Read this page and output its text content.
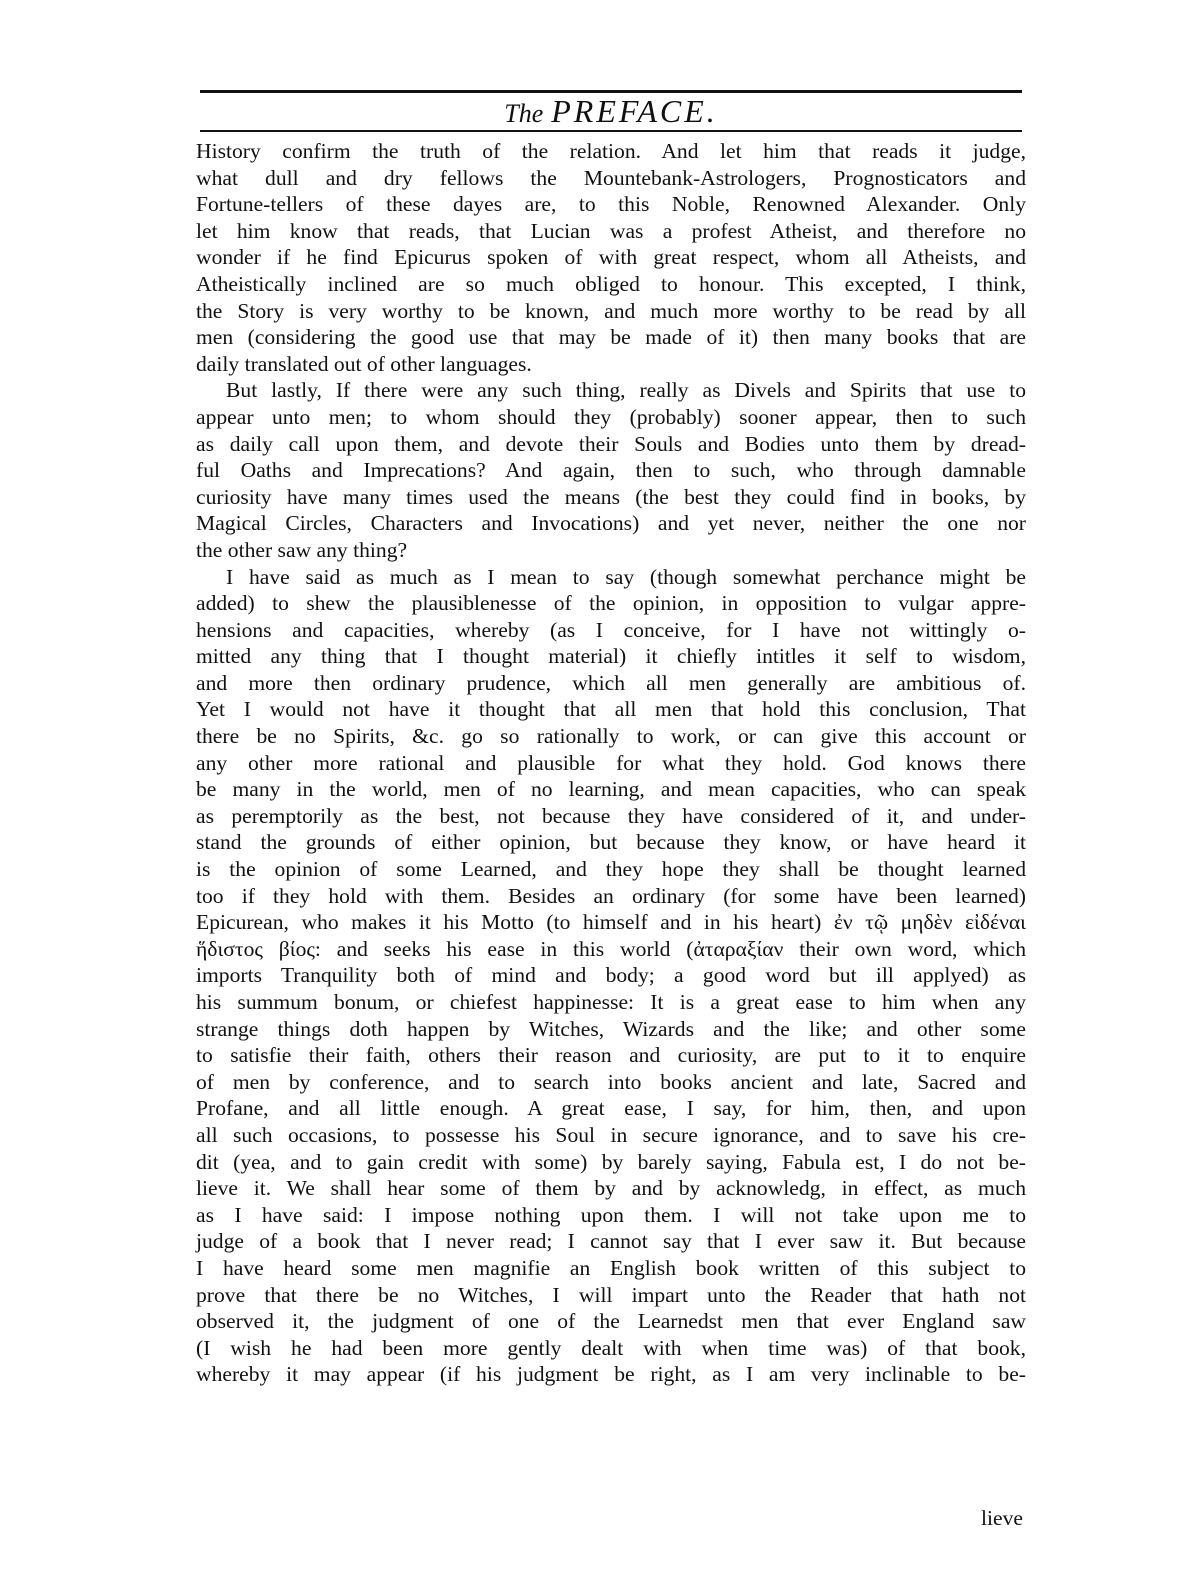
The PREFACE.
History confirm the truth of the relation. And let him that reads it judge,
what dull and dry fellows the Mountebank-Astrologers, Prognosticators and
Fortune-tellers of these dayes are, to this Noble, Renowned Alexander. Only
let him know that reads, that Lucian was a profest Atheist, and therefore no
wonder if he find Epicurus spoken of with great respect, whom all Atheists, and
Atheistically inclined are so much obliged to honour. This excepted, I think,
the Story is very worthy to be known, and much more worthy to be read by all
men (considering the good use that may be made of it) then many books that are
daily translated out of other languages.
But lastly, If there were any such thing, really as Divels and Spirits that use to
appear unto men; to whom should they (probably) sooner appear, then to such
as daily call upon them, and devote their Souls and Bodies unto them by dread-
ful Oaths and Imprecations? And again, then to such, who through damnable
curiosity have many times used the means (the best they could find in books, by
Magical Circles, Characters and Invocations) and yet never, neither the one nor
the other saw any thing?
I have said as much as I mean to say (though somewhat perchance might be
added) to shew the plausiblenesse of the opinion, in opposition to vulgar appre-
hensions and capacities, whereby (as I conceive, for I have not wittingly o-
mitted any thing that I thought material) it chiefly intitles it self to wisdom,
and more then ordinary prudence, which all men generally are ambitious of.
Yet I would not have it thought that all men that hold this conclusion, That
there be no Spirits, &c. go so rationally to work, or can give this account or
any other more rational and plausible for what they hold. God knows there
be many in the world, men of no learning, and mean capacities, who can speak
as peremptorily as the best, not because they have considered of it, and under-
stand the grounds of either opinion, but because they know, or have heard it
is the opinion of some Learned, and they hope they shall be thought learned
too if they hold with them. Besides an ordinary (for some have been learned)
Epicurean, who makes it his Motto (to himself and in his heart) ἐν τῷ μηδὲν εἰδέναι
ἥδιστος βίος: and seeks his ease in this world (ἀταραξίαν their own word, which
imports Tranquility both of mind and body; a good word but ill applyed) as
his summum bonum, or chiefest happinesse: It is a great ease to him when any
strange things doth happen by Witches, Wizards and the like; and other some
to satisfie their faith, others their reason and curiosity, are put to it to enquire
of men by conference, and to search into books ancient and late, Sacred and
Profane, and all little enough. A great ease, I say, for him, then, and upon
all such occasions, to possesse his Soul in secure ignorance, and to save his cre-
dit (yea, and to gain credit with some) by barely saying, Fabula est, I do not be-
lieve it. We shall hear some of them by and by acknowledg, in effect, as much
as I have said: I impose nothing upon them. I will not take upon me to
judge of a book that I never read; I cannot say that I ever saw it. But because
I have heard some men magnifie an English book written of this subject to
prove that there be no Witches, I will impart unto the Reader that hath not
observed it, the judgment of one of the Learnedst men that ever England saw
(I wish he had been more gently dealt with when time was) of that book,
whereby it may appear (if his judgment be right, as I am very inclinable to be-
lieve
